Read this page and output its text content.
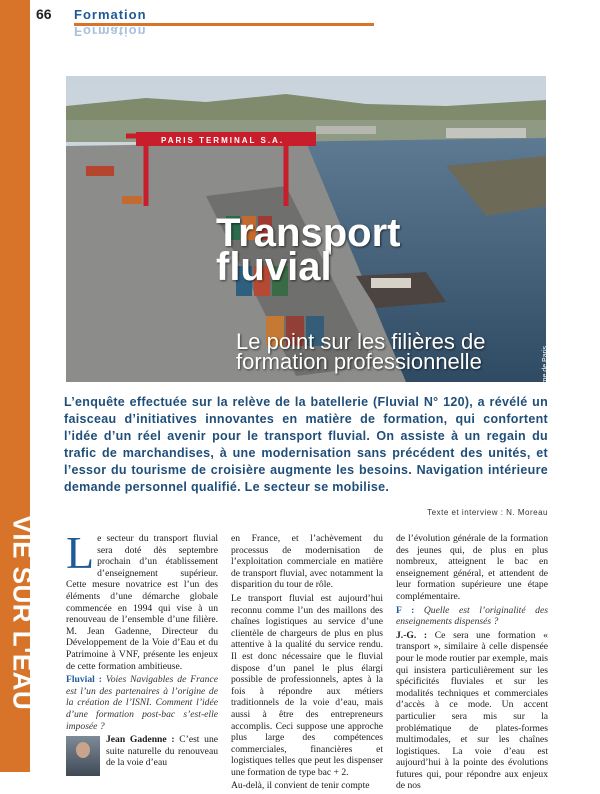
VIE SUR L'EAU
66 Formation
Formation
PARIS TERMINAL S.A.
Transport
fluvial
Le point sur les filières de
formation professionnelle	Port Autonome de Paris
L’enquête effectuée sur la relève de la batellerie (Fluvial N° 120), a révélé un faisceau d’initiatives innovantes en matière de formation, qui confortent l’idée d’un réel avenir pour le transport fluvial. On assiste à un regain du trafic de marchandises, à une modernisation sans précédent des unités, et l’essor du tourisme de croisière augmente les besoins. Navigation intérieure demande personnel qualifié. Le secteur se mobilise.
Texte et interview : N. Moreau
L e secteur du transport fluvial sera doté dès septembre prochain d’un établissement d’enseignement supérieur. Cette mesure novatrice est l’un des éléments d’une démarche globale commencée en 1994 qui vise à un renouveau de l’ensemble d’une filière. M. Jean Gadenne, Directeur du Développement de la Voie d’Eau et du Patrimoine à VNF, présente les enjeux de cette formation ambitieuse.

Fluvial : Voies Navigables de France est l’un des partenaires à l’origine de la création de l’ISNI. Comment l’idée d’une formation post-bac s’est-elle imposée ?

Jean Gadenne : C’est une suite naturelle du renouveau de la voie d’eau

en France, et l’achèvement du processus de modernisation de l’exploitation commerciale en matière de transport fluvial, avec notamment la disparition du tour de rôle.

Le transport fluvial est aujourd’hui reconnu comme l’un des maillons des chaînes logistiques au service d’une clientèle de chargeurs de plus en plus attentive à la qualité du service rendu. Il est donc nécessaire que le fluvial dispose d’un panel le plus élargi possible de professionnels, aptes à la fois à répondre aux métiers traditionnels de la voie d’eau, mais aussi à être des entrepreneurs accomplis. Ceci suppose une approche plus large des compétences commerciales, financières et logistiques telles que peut les dispenser une formation de type bac + 2.

Au-delà, il convient de tenir compte

de l’évolution générale de la formation des jeunes qui, de plus en plus nombreux, atteignent le bac en enseignement général, et attendent de leur formation supérieure une étape complémentaire.

F : Quelle est l’originalité des enseignements dispensés ?

J.-G. : Ce sera une formation « transport », similaire à celle dispensée pour le mode routier par exemple, mais qui insistera particulièrement sur les spécificités fluviales et sur les modalités techniques et commerciales d’accès à ce mode. Un accent particulier sera mis sur la problématique de plates-formes multimodales, et sur les chaînes logistiques. La voie d’eau est aujourd’hui à la pointe des évolutions futures qui, pour répondre aux enjeux de nos
